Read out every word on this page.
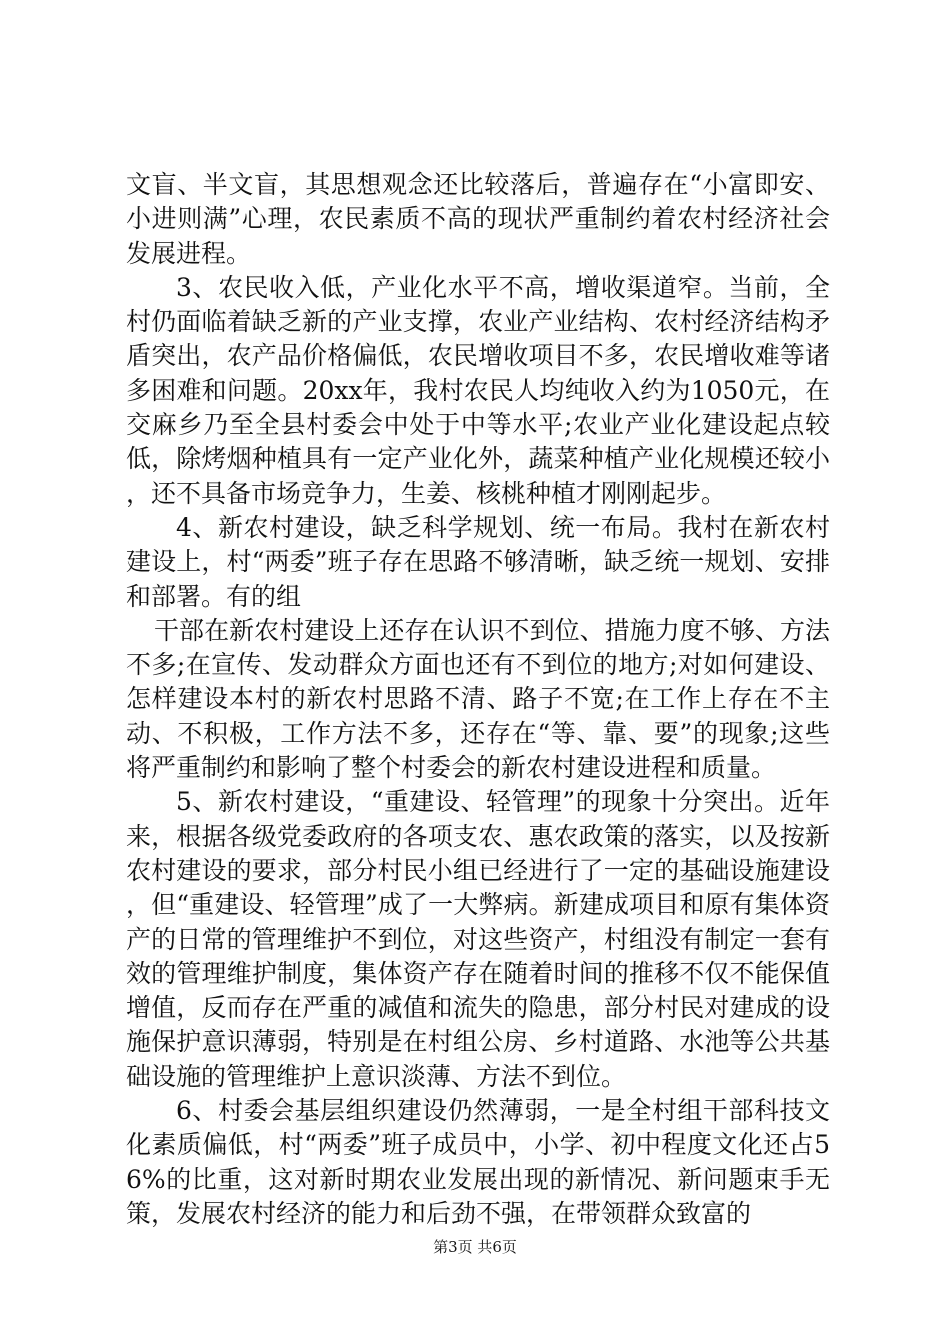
文盲、半文盲，其思想观念还比较落后，普遍存在“小富即安、小进则满”心理，农民素质不高的现状严重制约着农村经济社会发展进程。

3、农民收入低，产业化水平不高，增收渠道窄。当前，全村仍面临着缺乏新的产业支撑，农业产业结构、农村经济结构矛盾突出，农产品价格偏低，农民增收项目不多，农民增收难等诸多困难和问题。20xx年，我村农民人均纯收入约为1050元，在交麻乡乃至全县村委会中处于中等水平;农业产业化建设起点较低，除烤烟种植具有一定产业化外，蔬菜种植产业化规模还较小，还不具备市场竞争力，生姜、核桃种植才刚刚起步。

4、新农村建设，缺乏科学规划、统一布局。我村在新农村建设上，村“两委”班子存在思路不够清晰，缺乏统一规划、安排和部署。有的组

干部在新农村建设上还存在认识不到位、措施力度不够、方法不多;在宣传、发动群众方面也还有不到位的地方;对如何建设、怎样建设本村的新农村思路不清、路子不宽;在工作上存在不主动、不积极，工作方法不多，还存在“等、靠、要”的现象;这些将严重制约和影响了整个村委会的新农村建设进程和质量。

5、新农村建设，“重建设、轻管理”的现象十分突出。近年来，根据各级党委政府的各项支农、惠农政策的落实，以及按新农村建设的要求，部分村民小组已经进行了一定的基础设施建设，但“重建设、轻管理”成了一大弊病。新建成项目和原有集体资产的日常的管理维护不到位，对这些资产，村组没有制定一套有效的管理维护制度，集体资产存在随着时间的推移不仅不能保值增值，反而存在严重的减值和流失的隐患，部分村民对建成的设施保护意识薄弱，特别是在村组公房、乡村道路、水池等公共基础设施的管理维护上意识淡薄、方法不到位。

6、村委会基层组织建设仍然薄弱，一是全村组干部科技文化素质偏低，村“两委”班子成员中，小学、初中程度文化还占56%的比重，这对新时期农业发展出现的新情况、新问题束手无策，发展农村经济的能力和后劲不强，在带领群众致富的

第3页 共6页
